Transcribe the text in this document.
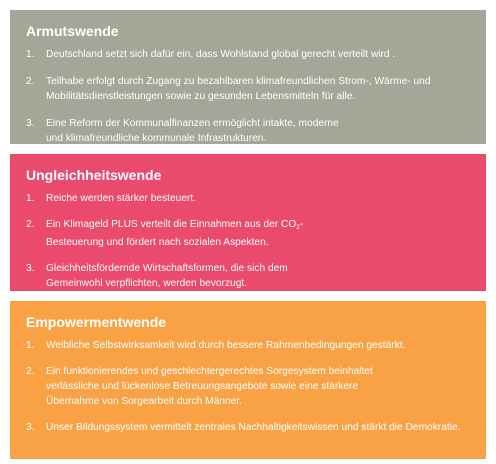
Armutswende
1.	Deutschland setzt sich dafür ein, dass Wohlstand global gerecht verteilt wird .
2.	Teilhabe erfolgt durch Zugang zu bezahlbaren klimafreundlichen Strom-, Wärme- und Mobilitätsdienstleistungen sowie zu gesunden Lebensmitteln für alle.
3.	Eine Reform der Kommunalfinanzen ermöglicht intakte, moderne und klimafreundliche kommunale Infrastrukturen.
Ungleichheitswende
1.	Reiche werden stärker besteuert.
2.	Ein Klimageld PLUS verteilt die Einnahmen aus der $CO_2$-Besteuerung und fördert nach sozialen Aspekten.
3.	Gleichheitsfördernde Wirtschaftsformen, die sich dem Gemeinwohl verpflichten, werden bevorzugt.
Empowermentwende
1.	Weibliche Selbstwirksamkeit wird durch bessere Rahmenbedingungen gestärkt.
2.	Ein funktionierendes und geschlechtergerechtes Sorgesystem beinhaltet verlässliche und lückenlose Betreuungsangebote sowie eine stärkere Übernahme von Sorgearbeit durch Männer.
3.	Unser Bildungssystem vermittelt zentrales Nachhaltigkeitswissen und stärkt die Demokratie.
